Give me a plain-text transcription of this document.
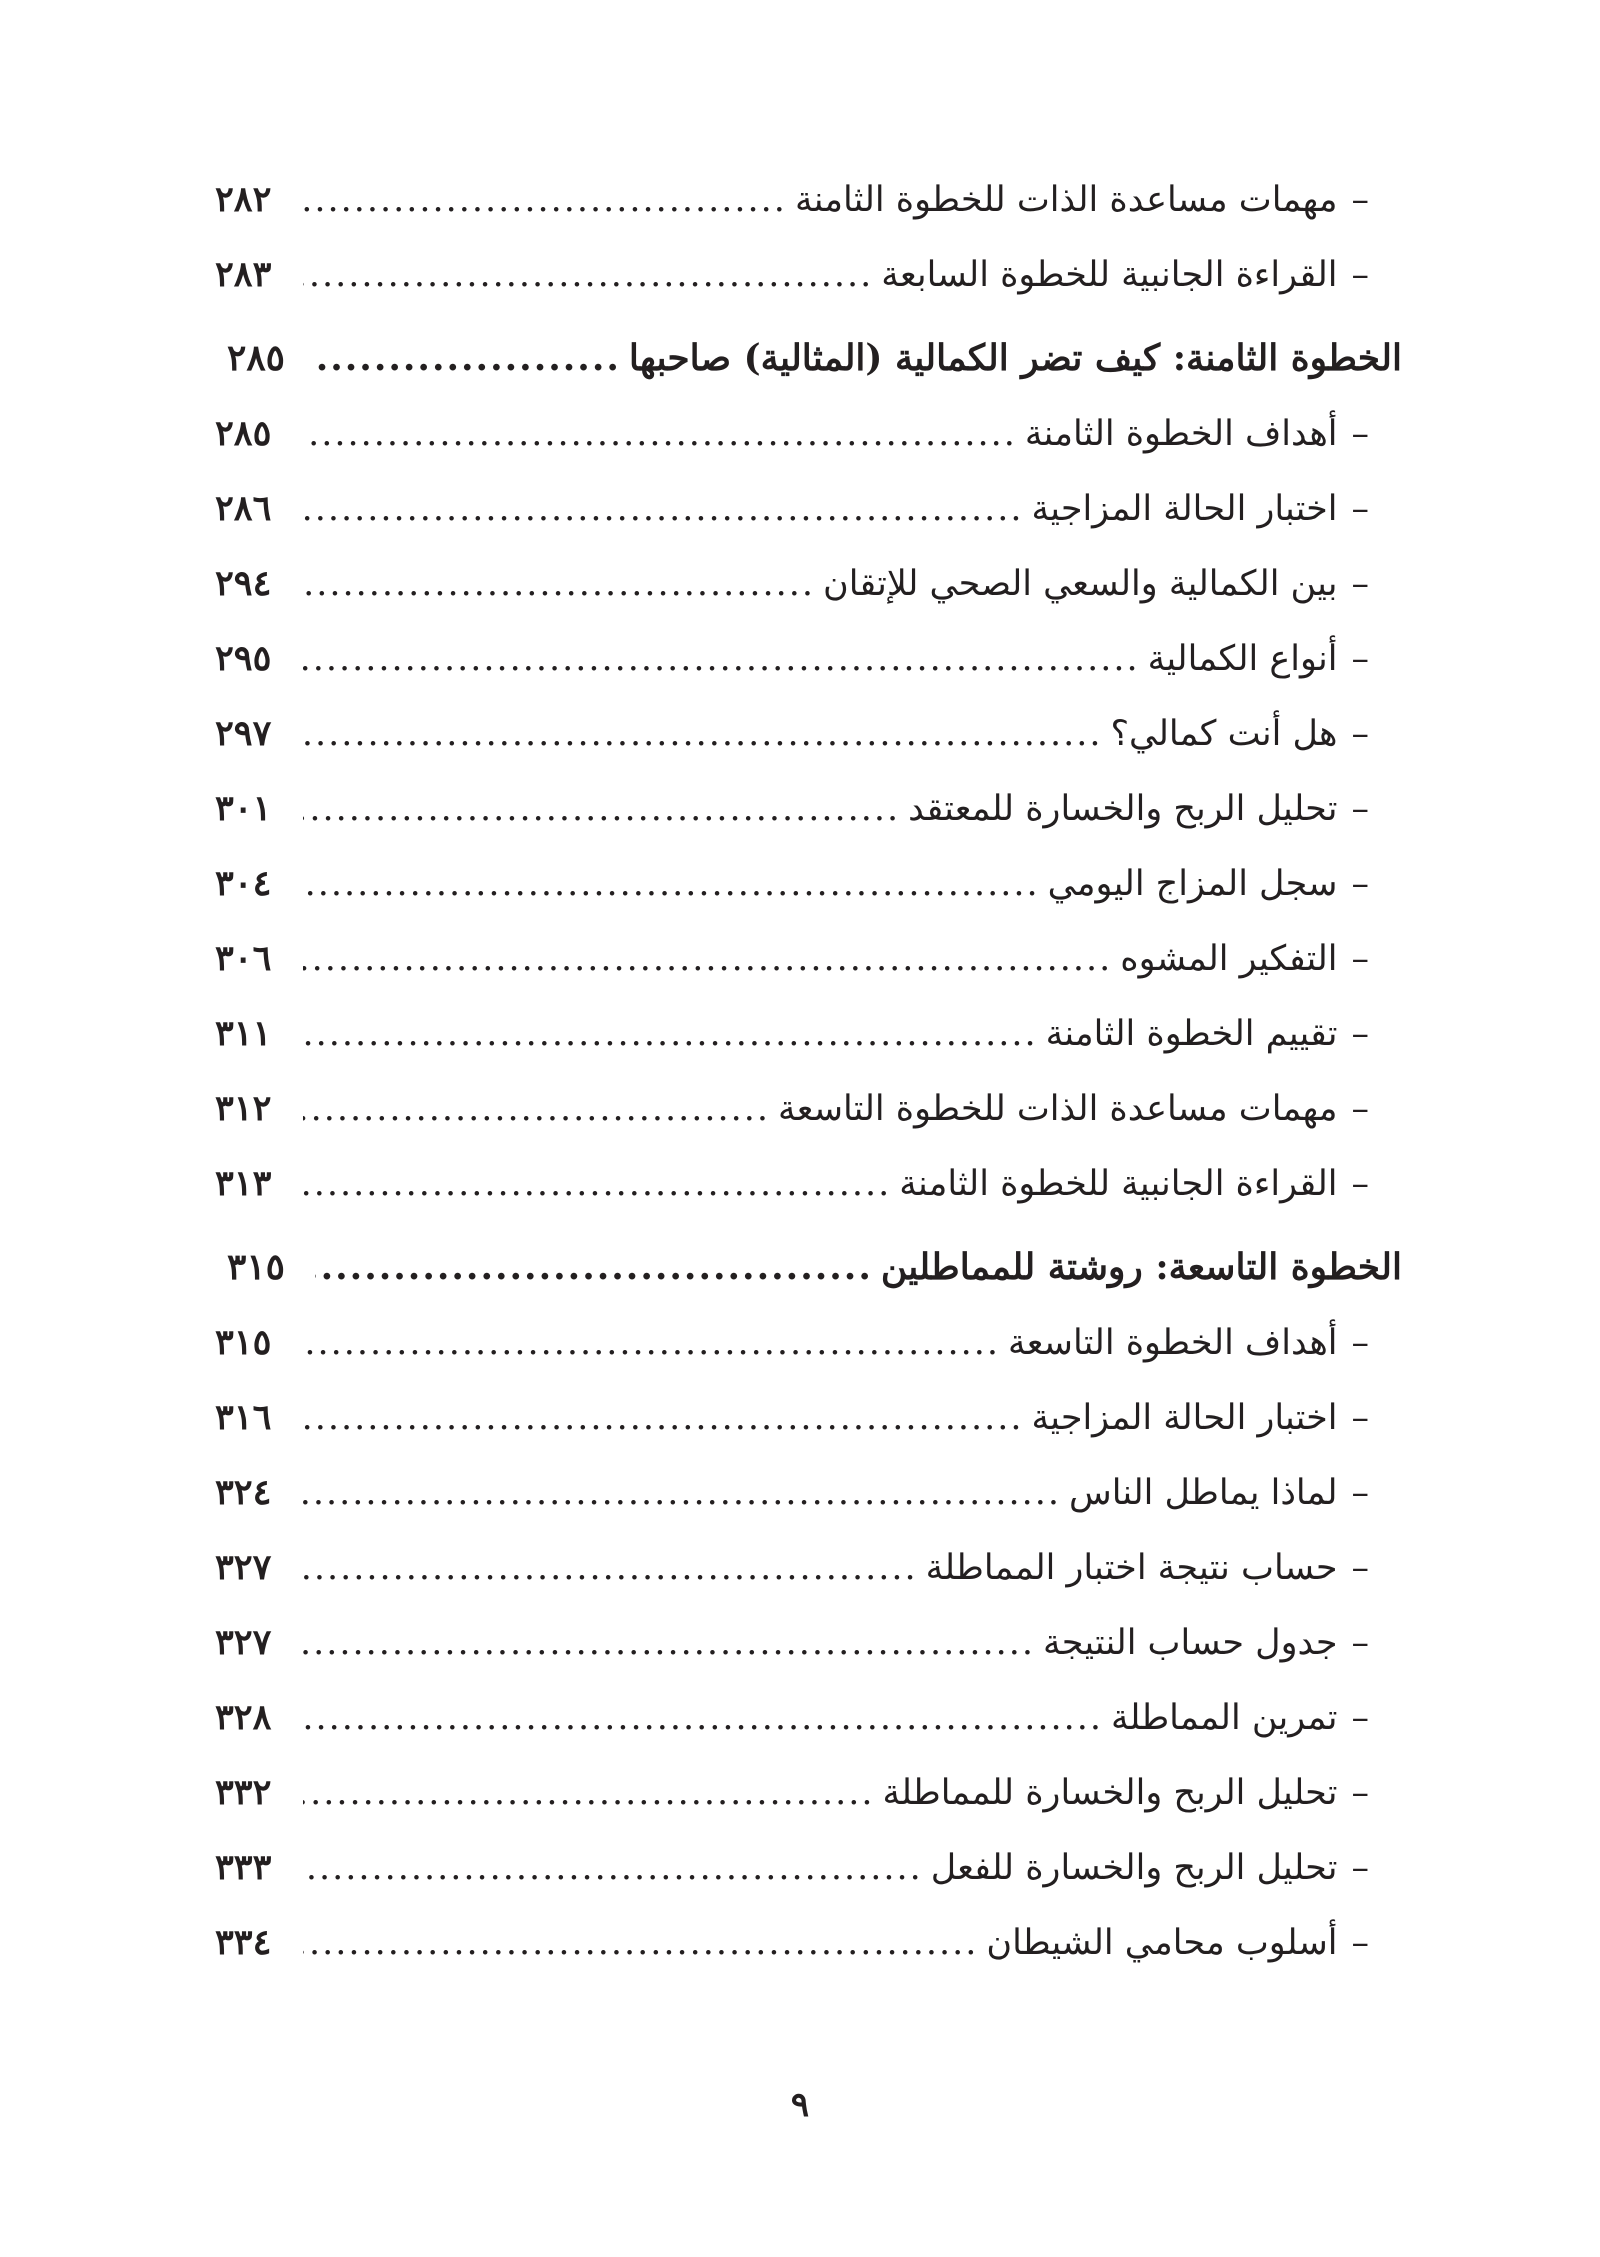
–مهمات مساعدة الذات للخطوة الثامنة
.....
٢٨٢
–القراءة الجانبية للخطوة السابعة
.....
٢٨٣
الخطوة الثامنة: كيف تضر الكمالية (المثالية) صاحبها
.....
٢٨٥
–أهداف الخطوة الثامنة
.....
٢٨٥
–اختبار الحالة المزاجية
.....
٢٨٦
–بين الكمالية والسعي الصحي للإتقان
.....
٢٩٤
–أنواع الكمالية
.....
٢٩٥
–هل أنت كمالي؟
.....
٢٩٧
–تحليل الربح والخسارة للمعتقد
.....
٣٠١
–سجل المزاج اليومي
.....
٣٠٤
–التفكير المشوه
.....
٣٠٦
–تقييم الخطوة الثامنة
.....
٣١١
–مهمات مساعدة الذات للخطوة التاسعة
.....
٣١٢
–القراءة الجانبية للخطوة الثامنة
.....
٣١٣
الخطوة التاسعة: روشتة للمماطلين
.....
٣١٥
–أهداف الخطوة التاسعة
.....
٣١٥
–اختبار الحالة المزاجية
.....
٣١٦
–لماذا يماطل الناس
.....
٣٢٤
–حساب نتيجة اختبار المماطلة
.....
٣٢٧
–جدول حساب النتيجة
.....
٣٢٧
–تمرين المماطلة
.....
٣٢٨
–تحليل الربح والخسارة للمماطلة
.....
٣٣٢
–تحليل الربح والخسارة للفعل
.....
٣٣٣
–أسلوب محامي الشيطان
.....
٣٣٤
٩
